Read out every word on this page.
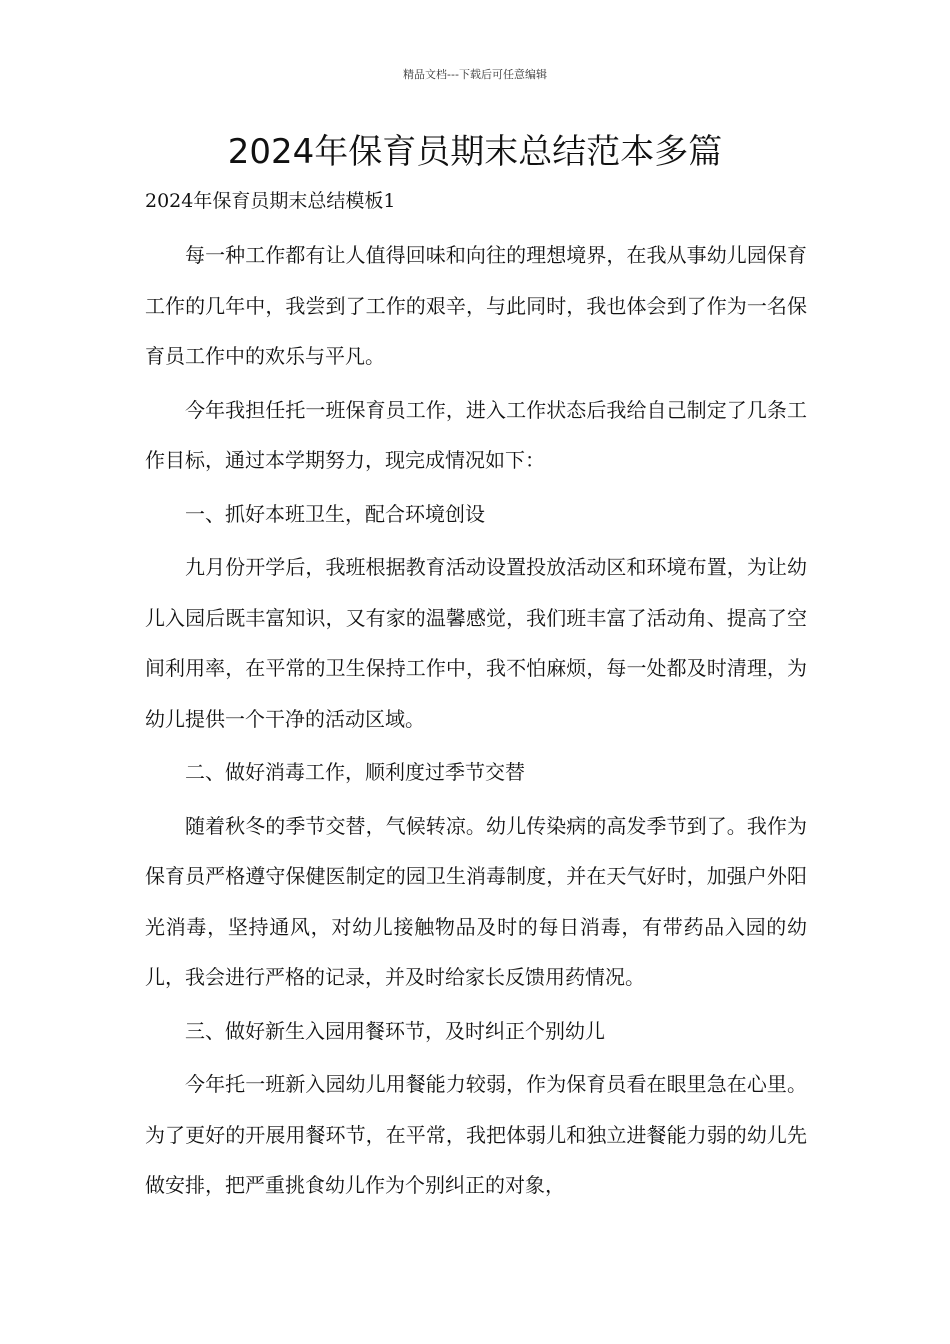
精品文档---下载后可任意编辑
2024年保育员期末总结范本多篇

2024年保育员期末总结模板1

每一种工作都有让人值得回味和向往的理想境界，在我从事幼儿园保育工作的几年中，我尝到了工作的艰辛，与此同时，我也体会到了作为一名保育员工作中的欢乐与平凡。

今年我担任托一班保育员工作，进入工作状态后我给自己制定了几条工作目标，通过本学期努力，现完成情况如下：

一、抓好本班卫生，配合环境创设

九月份开学后，我班根据教育活动设置投放活动区和环境布置，为让幼儿入园后既丰富知识，又有家的温馨感觉，我们班丰富了活动角、提高了空间利用率，在平常的卫生保持工作中，我不怕麻烦，每一处都及时清理，为幼儿提供一个干净的活动区域。

二、做好消毒工作，顺利度过季节交替

随着秋冬的季节交替，气候转凉。幼儿传染病的高发季节到了。我作为保育员严格遵守保健医制定的园卫生消毒制度，并在天气好时，加强户外阳光消毒，坚持通风，对幼儿接触物品及时的每日消毒，有带药品入园的幼儿，我会进行严格的记录，并及时给家长反馈用药情况。

三、做好新生入园用餐环节，及时纠正个别幼儿

今年托一班新入园幼儿用餐能力较弱，作为保育员看在眼里急在心里。为了更好的开展用餐环节，在平常，我把体弱儿和独立进餐能力弱的幼儿先做安排，把严重挑食幼儿作为个别纠正的对象，
